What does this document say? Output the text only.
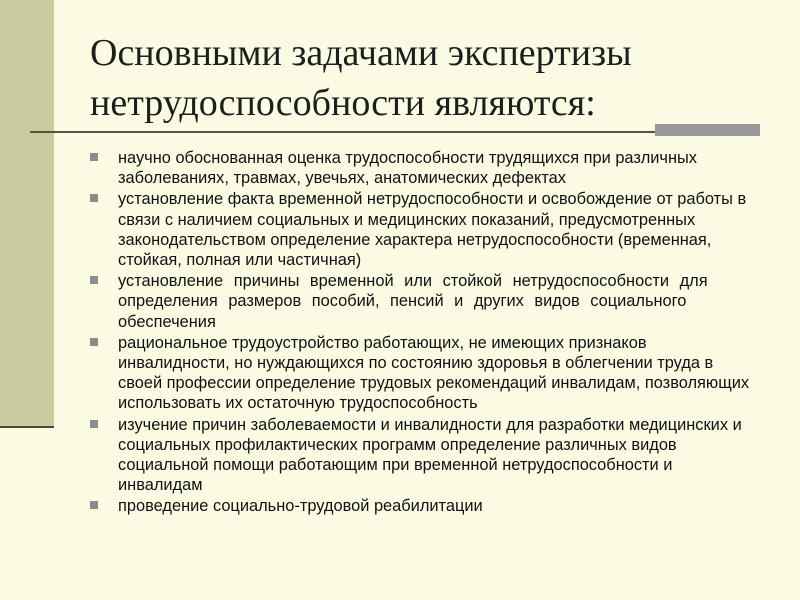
Основными задачами экспертизы нетрудоспособности являются:
научно обоснованная оценка трудоспособности трудящихся при различных заболеваниях, травмах, увечьях, анатомических дефектах
установление факта временной нетрудоспособности и освобождение от работы в связи с наличием социальных и медицинских показаний, предусмотренных законодательством определение характера нетрудоспособности (временная, стойкая, полная или частичная)
установление причины временной или стойкой нетрудоспособности для определения размеров пособий, пенсий и других видов социального обеспечения
рациональное трудоустройство работающих, не имеющих признаков инвалидности, но нуждающихся по состоянию здоровья в облегчении труда в своей профессии определение трудовых рекомендаций инвалидам, позволяющих использовать их остаточную трудоспособность
изучение причин заболеваемости и инвалидности для разработки медицинских и социальных профилактических программ определение различных видов социальной помощи работающим при временной нетрудоспособности и инвалидам
проведение социально-трудовой реабилитации
